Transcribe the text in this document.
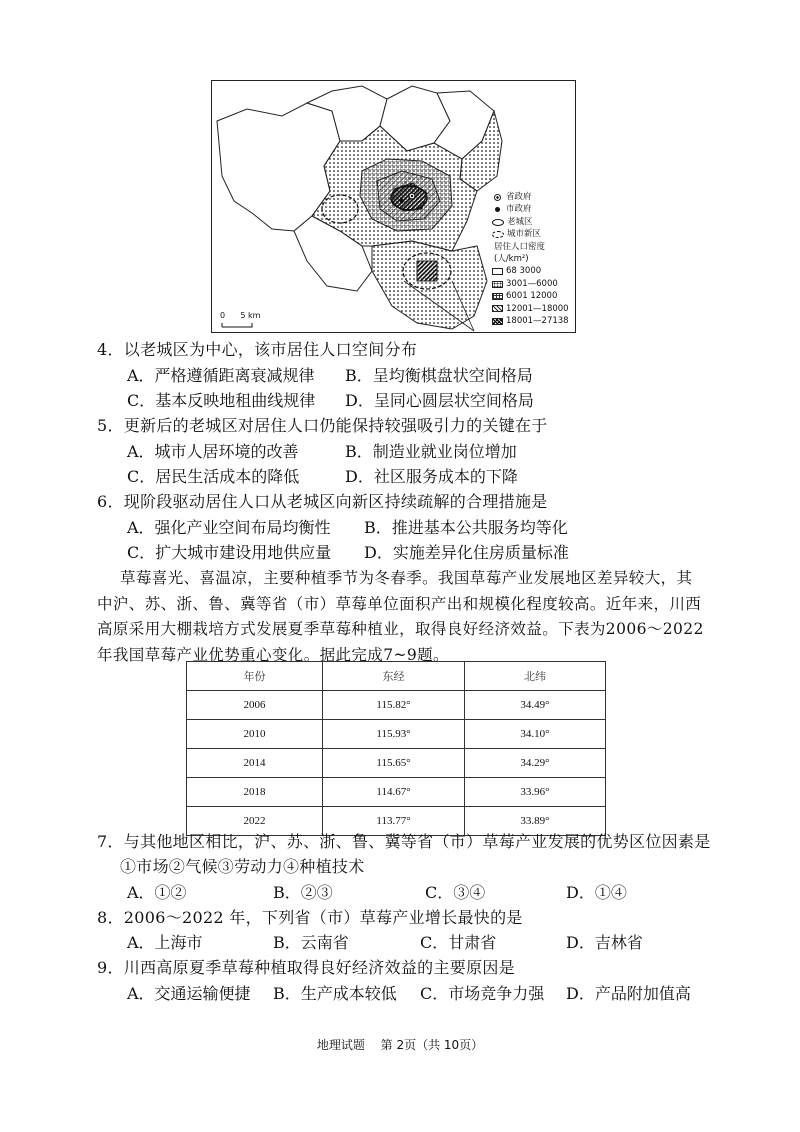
0 5 km
省政府
市政府
老城区
城市新区
居住人口密度
(人/km²)
68 3000
3001—6000
6001 12000
12001—18000
18001—27138
4．以老城区为中心，该市居住人口空间分布
A．严格遵循距离衰减规律 B．呈均衡棋盘状空间格局
C．基本反映地租曲线规律 D．呈同心圆层状空间格局
5．更新后的老城区对居住人口仍能保持较强吸引力的关键在于
A．城市人居环境的改善	B．制造业就业岗位增加
C．居民生活成本的降低	D．社区服务成本的下降
6．现阶段驱动居住人口从老城区向新区持续疏解的合理措施是
A．强化产业空间布局均衡性 B．推进基本公共服务均等化
C．扩大城市建设用地供应量 D．实施差异化住房质量标准
草莓喜光、喜温凉，主要种植季节为冬春季。我国草莓产业发展地区差异较大，其
中沪、苏、浙、鲁、冀等省（市）草莓单位面积产出和规模化程度较高。近年来，川西
高原采用大棚栽培方式发展夏季草莓种植业，取得良好经济效益。下表为2006～2022
年我国草莓产业优势重心变化。据此完成7~9题。
年份	东经	北纬
2006	115.82°	34.49°
2010	115.93°	34.10°
2014	115.65°	34.29°
2018	114.67°	33.96°
2022	113.77°	33.89°
7．与其他地区相比，沪、苏、浙、鲁、冀等省（市）草莓产业发展的优势区位因素是
①市场②气候③劳动力④种植技术
A．①②	B．②③	C．③④	D．①④
8．2006～2022 年，下列省（市）草莓产业增长最快的是
A．上海市	B．云南省	C．甘肃省	D．吉林省
9．川西高原夏季草莓种植取得良好经济效益的主要原因是
A．交通运输便捷 B．生产成本较低 C．市场竞争力强 D．产品附加值高
地理试题　 第 2页（共 10页）
